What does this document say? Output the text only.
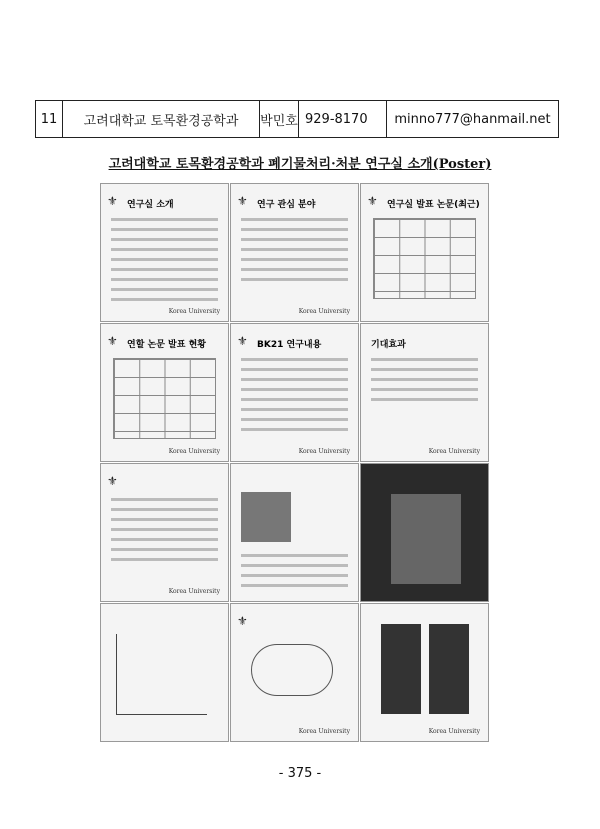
11	고려대학교 토목환경공학과	박민호 929-8170	minno777@hanmail.net
고려대학교 토목환경공학과 폐기물처리·처분 연구실 소개(Poster)
⚜ 연구실 소개
Korea University
⚜ 연구 관심 분야
Korea University
⚜ 연구실 발표 논문(최근)
⚜ 연할 논문 발표 현황
Korea University
⚜ BK21 연구내용
Korea University
기대효과
Korea University
⚜
Korea University
⚜
Korea University	Korea University
- 375 -
